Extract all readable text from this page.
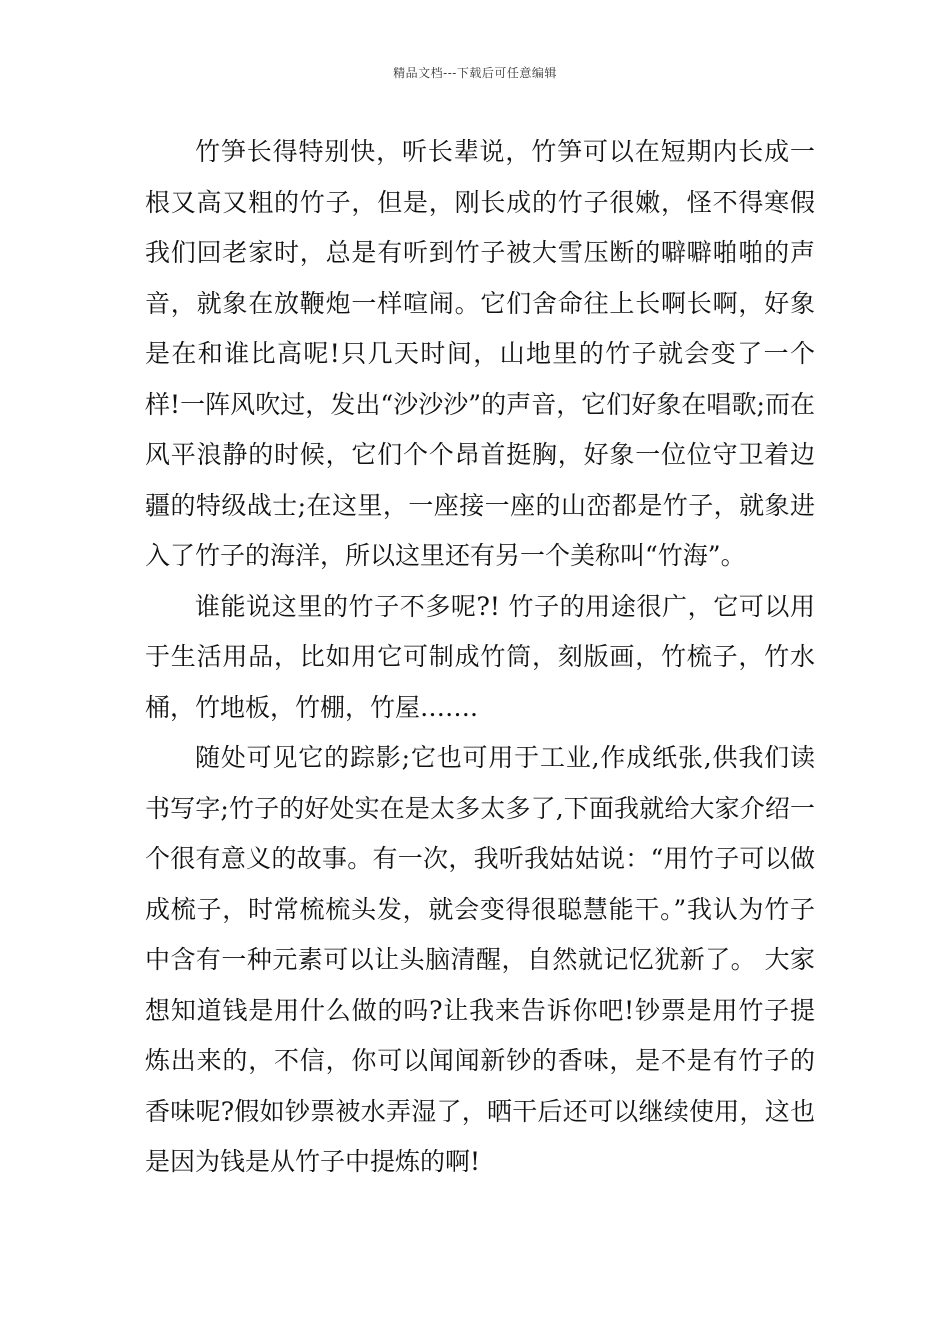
精品文档---下载后可任意编辑

竹笋长得特别快，听长辈说，竹笋可以在短期内长成一根又高又粗的竹子，但是，刚长成的竹子很嫩，怪不得寒假我们回老家时，总是有听到竹子被大雪压断的噼噼啪啪的声音，就象在放鞭炮一样喧闹。它们舍命往上长啊长啊，好象是在和谁比高呢!只几天时间，山地里的竹子就会变了一个样!一阵风吹过，发出“沙沙沙”的声音，它们好象在唱歌;而在风平浪静的时候，它们个个昂首挺胸，好象一位位守卫着边疆的特级战士;在这里，一座接一座的山峦都是竹子，就象进入了竹子的海洋，所以这里还有另一个美称叫“竹海”。

谁能说这里的竹子不多呢?! 竹子的用途很广，它可以用于生活用品，比如用它可制成竹筒，刻版画，竹梳子，竹水桶，竹地板，竹棚，竹屋…….

随处可见它的踪影;它也可用于工业,作成纸张,供我们读书写字;竹子的好处实在是太多太多了,下面我就给大家介绍一个很有意义的故事。有一次，我听我姑姑说：“用竹子可以做成梳子，时常梳梳头发，就会变得很聪慧能干。”我认为竹子中含有一种元素可以让头脑清醒，自然就记忆犹新了。 大家想知道钱是用什么做的吗?让我来告诉你吧!钞票是用竹子提炼出来的，不信，你可以闻闻新钞的香味，是不是有竹子的香味呢?假如钞票被水弄湿了，晒干后还可以继续使用，这也是因为钱是从竹子中提炼的啊!
